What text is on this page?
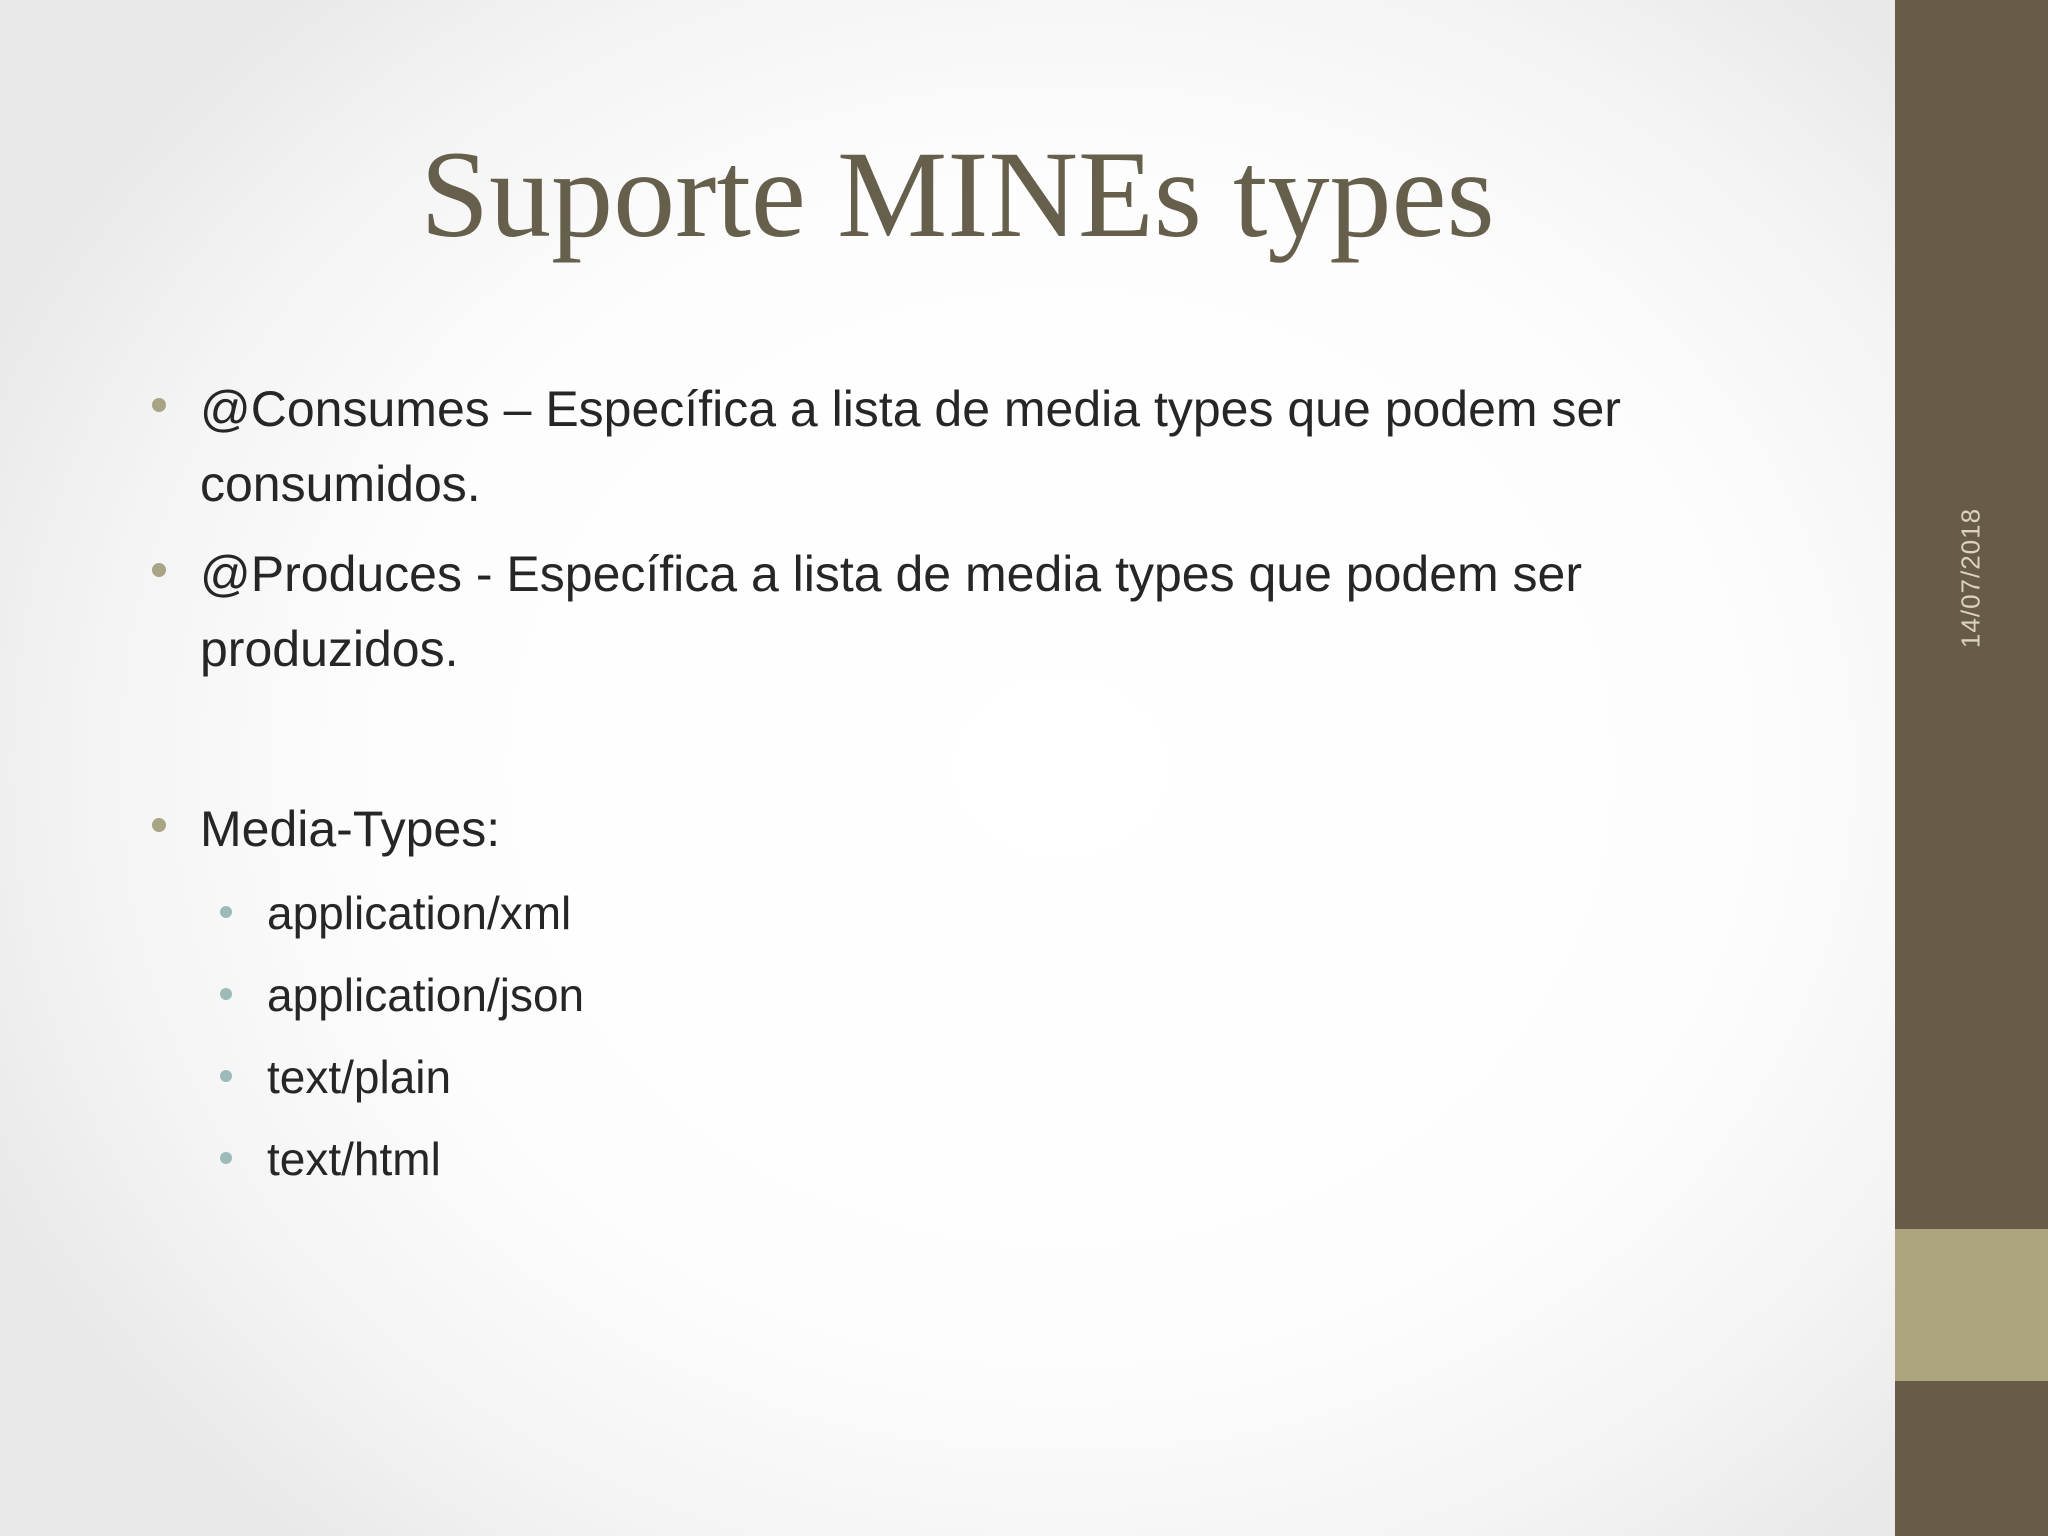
Suporte MINEs types
@Consumes – Específica a lista de media types que podem ser consumidos.
@Produces - Específica a lista de media types que podem ser produzidos.
Media-Types:
application/xml
application/json
text/plain
text/html
14/07/2018
